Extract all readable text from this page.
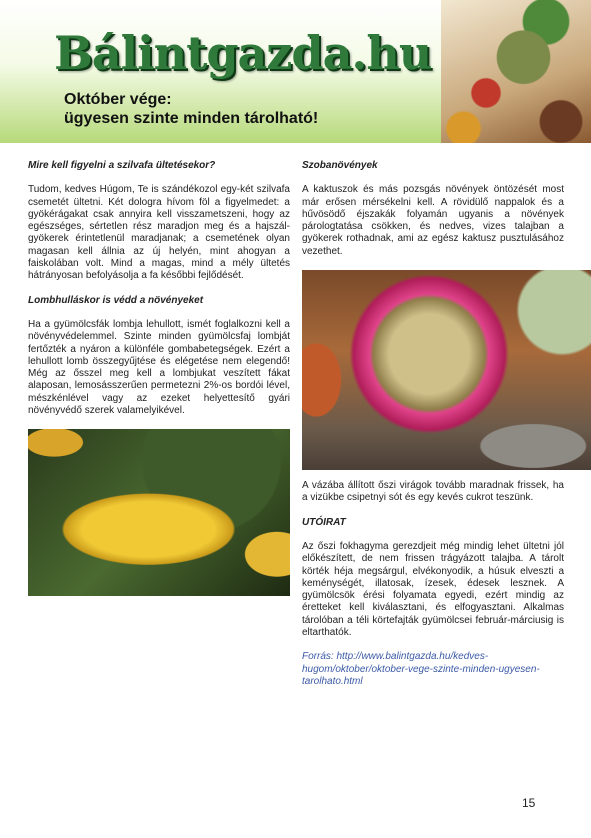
Bálintgazda.hu
Október vége:
ügyesen szinte minden tárolható!
Mire kell figyelni a szilvafa ültetésekor?

Tudom, kedves Húgom, Te is szándékozol egy-két szilvafa csemetét ültetni. Két dologra hívom föl a figyelmedet: a gyökérágakat csak annyira kell visszametszeni, hogy az egészséges, sértetlen rész maradjon meg és a hajszál-gyökerek érintetlenül maradjanak; a csemetének olyan magasan kell állnia az új helyén, mint ahogyan a faiskolában volt. Mind a magas, mind a mély ültetés hátrányosan befolyásolja a fa későbbi fejlődését.

Lombhulláskor is védd a növényeket

Ha a gyümölcsfák lombja lehullott, ismét foglalkozni kell a növényvédelemmel. Szinte minden gyümölcsfaj lombját fertőzték a nyáron a különféle gombabetegségek. Ezért a lehullott lomb összegyűjtése és elégetése nem elegendő! Még az ősszel meg kell a lombjukat veszített fákat alaposan, lemosásszerűen permetezni 2%-os bordói lével, mészkénlével vagy az ezeket helyettesítő gyári növényvédő szerek valamelyikével.

Szobanövények

A kaktuszok és más pozsgás növények öntözését most már erősen mérsékelni kell. A rövidülő nappalok és a hűvösödő éjszakák folyamán ugyanis a növények párologtatása csökken, és nedves, vizes talajban a gyökerek rothadnak, ami az egész kaktusz pusztulásához vezethet.

A vázába állított őszi virágok tovább maradnak frissek, ha a vizükbe csipetnyi sót és egy kevés cukrot teszünk.

UTÓIRAT

Az őszi fokhagyma gerezdjeit még mindig lehet ültetni jól előkészített, de nem frissen trágyázott talajba. A tárolt körték héja megsárgul, elvékonyodik, a húsuk elveszti a keménységét, illatosak, ízesek, édesek lesznek. A gyümölcsök érési folyamata egyedi, ezért mindig az éretteket kell kiválasztani, és elfogyasztani. Alkalmas tárolóban a téli körtefajták gyümölcsei február-márciusig is eltarthatók.

Forrás: http://www.balintgazda.hu/kedves-hugom/oktober/oktober-vege-szinte-minden-ugyesen-tarolhato.html

15
